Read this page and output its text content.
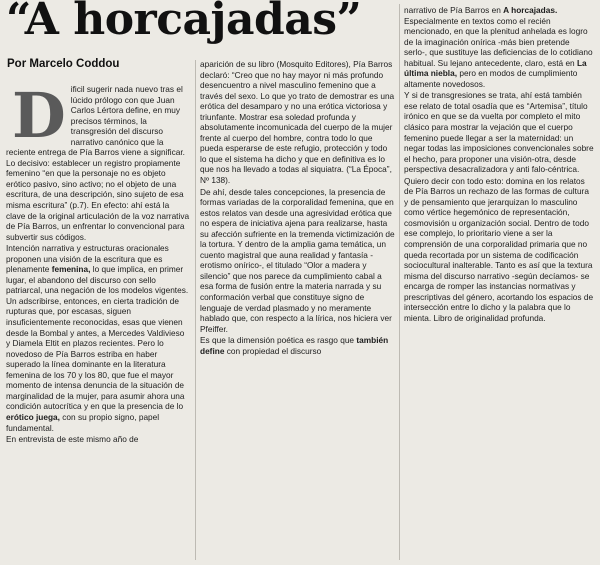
“A horcajadas”
Por Marcelo Coddou

Dificil sugerir nada nuevo tras el lúcido prólogo con que Juan Carlos Lértora define, en muy precisos términos, la transgresión del discurso narrativo canónico que la reciente entrega de Pía Barros viene a significar. Lo decisivo: establecer un registro propiamente femenino “en que la personaje no es objeto erótico pasivo, sino activo; no el objeto de una escritura, de una descripción, sino sujeto de esa misma escritura” (p.7). En efecto: ahí está la clave de la original articulación de la voz narrativa de Pía Barros, un enfrentar lo convencional para subvertir sus códigos.

Intención narrativa y estructuras oracionales proponen una visión de la escritura que es plenamente femenina, lo que implica, en primer lugar, el abandono del discurso con sello patriarcal, una negación de los modelos vigentes. Un adscribirse, entonces, en cierta tradición de rupturas que, por escasas, siguen insuficientemente reconocidas, esas que vienen desde la Bombal y antes, a Mercedes Valdivieso y Diamela Eltit en plazos recientes. Pero lo novedoso de Pía Barros estriba en haber superado la línea dominante en la literatura femenina de los 70 y los 80, que fue el mayor momento de intensa denuncia de la situación de marginalidad de la mujer, para asumir ahora una condición autocrítica y en que la presencia de lo erótico juega, con su propio signo, papel fundamental.

En entrevista de este mismo año de

aparición de su libro (Mosquito Editores), Pía Barros declaró: “Creo que no hay mayor ni más profundo desencuentro a nivel masculino femenino que a través del sexo. Lo que yo trato de demostrar es una erótica del desamparo y no una erótica victoriosa y triunfante. Mostrar esa soledad profunda y absolutamente incomunicada del cuerpo de la mujer frente al cuerpo del hombre, contra todo lo que pueda esperarse de este refugio, protección y todo lo que el sistema ha dicho y que en definitiva es lo que nos ha llevado a todas al siquiatra. (“La Época”, Nº 138).

De ahí, desde tales concepciones, la presencia de formas variadas de la corporalidad femenina, que en estos relatos van desde una agresividad erótica que no espera de iniciativa ajena para realizarse, hasta su afección sufriente en la tremenda victimización de la tortura. Y dentro de la amplia gama temática, un cuento magistral que auna realidad y fantasía -erotismo onírico-, el titulado “Olor a madera y silencio” que nos parece da cumplimiento cabal a esa forma de fusión entre la materia narrada y su conformación verbal que constituye signo de lenguaje de verdad plasmado y no meramente hablado que, con respecto a la lírica, nos hiciera ver Pfeiffer.

Es que la dimensión poética es rasgo que también define con propiedad el discurso

narrativo de Pía Barros en A horcajadas. Especialmente en textos como el recién mencionado, en que la plenitud anhelada es logro de la imaginación onírica -más bien pretende serlo-, que sustituye las deficiencias de lo cotidiano habitual. Su lejano antecedente, claro, está en La última niebla, pero en modos de cumplimiento altamente novedosos.

Y si de transgresiones se trata, ahí está también ese relato de total osadía que es “Artemisa”, título irónico en que se da vuelta por completo el mito clásico para mostrar la vejación que el cuerpo femenino puede llegar a ser la maternidad: un negar todas las imposiciones convencionales sobre el hecho, para proponer una visión-otra, desde perspectiva desacralizadora y anti falo-céntrica.

Quiero decir con todo esto: domina en los relatos de Pía Barros un rechazo de las formas de cultura y de pensamiento que jerarquizan lo masculino como vértice hegemónico de representación, cosmovisión u organización social. Dentro de todo ese complejo, lo prioritario viene a ser la comprensión de una corporalidad primaria que no queda recortada por un sistema de codificación sociocultural inalterable. Tanto es así que la textura misma del discurso narrativo -según decíamos- se encarga de romper las instancias normativas y prescriptivas del género, acortando los espacios de intersección entre lo dicho y la palabra que lo mienta. Libro de originalidad profunda.
